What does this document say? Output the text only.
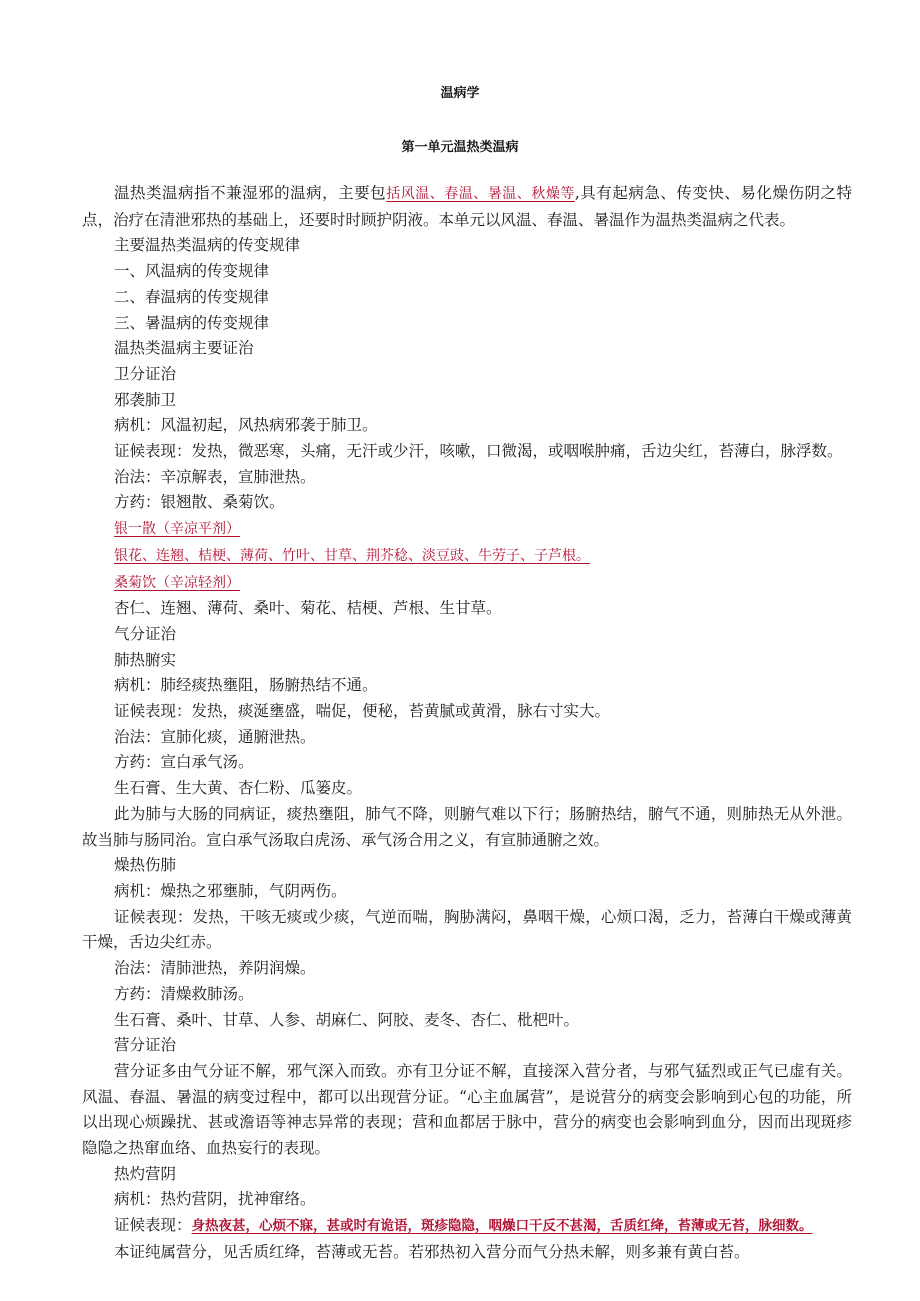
温病学
第一单元温热类温病

温热类温病指不兼湿邪的温病，主要包括风温、春温、暑温、秋燥等,具有起病急、传变快、易化燥伤阴之特点，治疗在清泄邪热的基础上，还要时时顾护阴液。本单元以风温、春温、暑温作为温热类温病之代表。

主要温热类温病的传变规律
一、风温病的传变规律
二、春温病的传变规律
三、暑温病的传变规律
温热类温病主要证治
卫分证治
邪袭肺卫
病机：风温初起，风热病邪袭于肺卫。
证候表现：发热，微恶寒，头痛，无汗或少汗，咳嗽，口微渴，或咽喉肿痛，舌边尖红，苔薄白，脉浮数。
治法：辛凉解表，宣肺泄热。
方药：银翘散、桑菊饮。
银一散（辛凉平剂）
银花、连翘、桔梗、薄荷、竹叶、甘草、荆芥稔、淡豆豉、牛劳子、子芦根。
桑菊饮（辛凉轻剂）
杏仁、连翘、薄荷、桑叶、菊花、桔梗、芦根、生甘草。
气分证治
肺热腑实
病机：肺经痰热壅阻，肠腑热结不通。
证候表现：发热，痰涎壅盛，喘促，便秘，苔黄腻或黄滑，脉右寸实大。
治法：宣肺化痰，通腑泄热。
方药：宣白承气汤。
生石膏、生大黄、杏仁粉、瓜篓皮。

此为肺与大肠的同病证，痰热壅阻，肺气不降，则腑气难以下行；肠腑热结，腑气不通，则肺热无从外泄。故当肺与肠同治。宣白承气汤取白虎汤、承气汤合用之义，有宣肺通腑之效。

燥热伤肺
病机：燥热之邪壅肺，气阴两伤。

证候表现：发热，干咳无痰或少痰，气逆而喘，胸胁满闷，鼻咽干燥，心烦口渴，乏力，苔薄白干燥或薄黄干燥，舌边尖红赤。

治法：清肺泄热，养阴润燥。
方药：清燥救肺汤。
生石膏、桑叶、甘草、人参、胡麻仁、阿胶、麦冬、杏仁、枇杷叶。
营分证治

营分证多由气分证不解，邪气深入而致。亦有卫分证不解，直接深入营分者，与邪气猛烈或正气已虚有关。风温、春温、暑温的病变过程中，都可以出现营分证。“心主血属营”，是说营分的病变会影响到心包的功能，所以出现心烦躁扰、甚或澹语等神志异常的表现；营和血都居于脉中，营分的病变也会影响到血分，因而出现斑疹隐隐之热窜血络、血热妄行的表现。

热灼营阴
病机：热灼营阴，扰神窜络。
证候表现：身热夜甚，心烦不寐，甚或时有诡语，斑疹隐隐，咽燥口干反不甚渴，舌质红绛，苔薄或无苔，脉细数。
本证纯属营分，见舌质红绛，苔薄或无苔。若邪热初入营分而气分热未解，则多兼有黄白苔。
